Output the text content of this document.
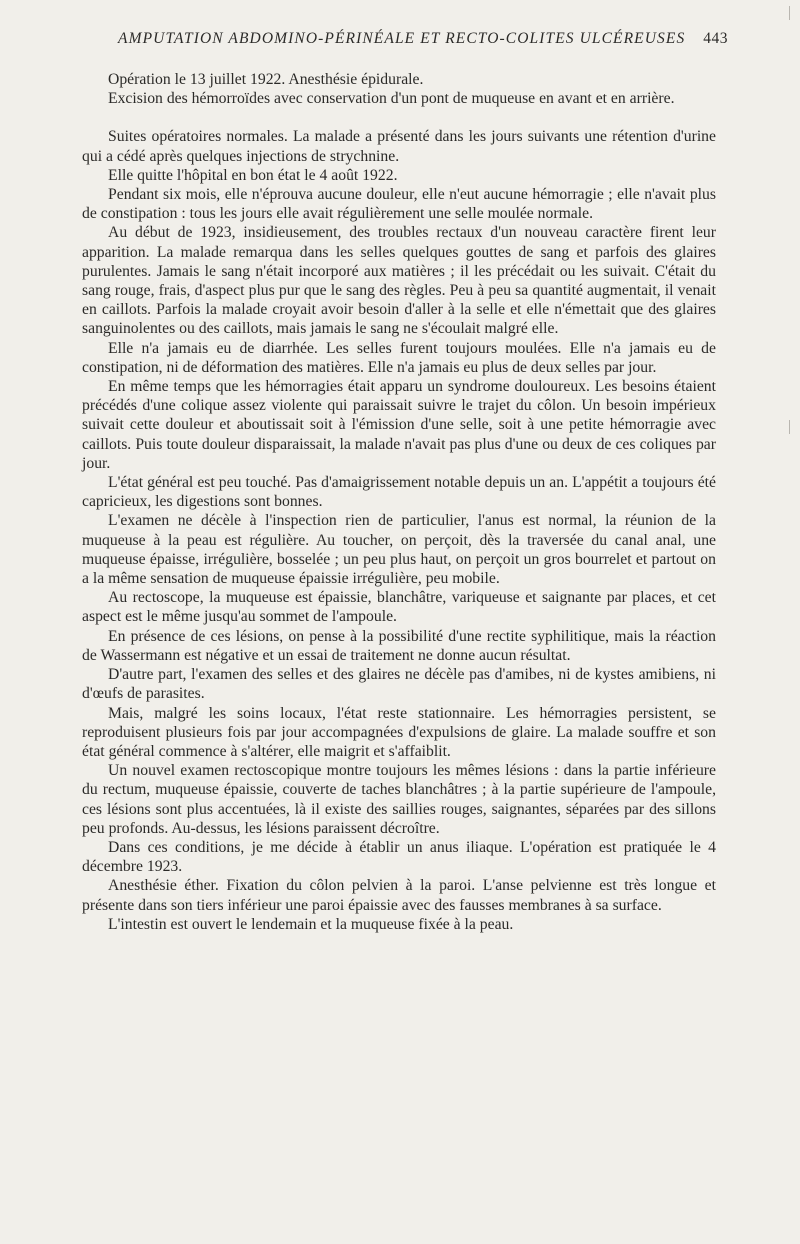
AMPUTATION ABDOMINO-PÉRINÉALE ET RECTO-COLITES ULCÉREUSES 443

Opération le 13 juillet 1922. Anesthésie épidurale.

Excision des hémorroïdes avec conservation d'un pont de muqueuse en avant et en arrière.

Suites opératoires normales. La malade a présenté dans les jours suivants une rétention d'urine qui a cédé après quelques injections de strychnine.

Elle quitte l'hôpital en bon état le 4 août 1922.

Pendant six mois, elle n'éprouva aucune douleur, elle n'eut aucune hémorragie ; elle n'avait plus de constipation : tous les jours elle avait régulièrement une selle moulée normale.

Au début de 1923, insidieusement, des troubles rectaux d'un nouveau caractère firent leur apparition. La malade remarqua dans les selles quelques gouttes de sang et parfois des glaires purulentes. Jamais le sang n'était incorporé aux matières ; il les précédait ou les suivait. C'était du sang rouge, frais, d'aspect plus pur que le sang des règles. Peu à peu sa quantité augmentait, il venait en caillots. Parfois la malade croyait avoir besoin d'aller à la selle et elle n'émettait que des glaires sanguinolentes ou des caillots, mais jamais le sang ne s'écoulait malgré elle.

Elle n'a jamais eu de diarrhée. Les selles furent toujours moulées. Elle n'a jamais eu de constipation, ni de déformation des matières. Elle n'a jamais eu plus de deux selles par jour.

En même temps que les hémorragies était apparu un syndrome douloureux. Les besoins étaient précédés d'une colique assez violente qui paraissait suivre le trajet du côlon. Un besoin impérieux suivait cette douleur et aboutissait soit à l'émission d'une selle, soit à une petite hémorragie avec caillots. Puis toute douleur disparaissait, la malade n'avait pas plus d'une ou deux de ces coliques par jour.

L'état général est peu touché. Pas d'amaigrissement notable depuis un an. L'appétit a toujours été capricieux, les digestions sont bonnes.

L'examen ne décèle à l'inspection rien de particulier, l'anus est normal, la réunion de la muqueuse à la peau est régulière. Au toucher, on perçoit, dès la traversée du canal anal, une muqueuse épaisse, irrégulière, bosselée ; un peu plus haut, on perçoit un gros bourrelet et partout on a la même sensation de muqueuse épaissie irrégulière, peu mobile.

Au rectoscope, la muqueuse est épaissie, blanchâtre, variqueuse et saignante par places, et cet aspect est le même jusqu'au sommet de l'ampoule.

En présence de ces lésions, on pense à la possibilité d'une rectite syphilitique, mais la réaction de Wassermann est négative et un essai de traitement ne donne aucun résultat.

D'autre part, l'examen des selles et des glaires ne décèle pas d'amibes, ni de kystes amibiens, ni d'œufs de parasites.

Mais, malgré les soins locaux, l'état reste stationnaire. Les hémorragies persistent, se reproduisent plusieurs fois par jour accompagnées d'expulsions de glaire. La malade souffre et son état général commence à s'altérer, elle maigrit et s'affaiblit.

Un nouvel examen rectoscopique montre toujours les mêmes lésions : dans la partie inférieure du rectum, muqueuse épaissie, couverte de taches blanchâtres ; à la partie supérieure de l'ampoule, ces lésions sont plus accentuées, là il existe des saillies rouges, saignantes, séparées par des sillons peu profonds. Au-dessus, les lésions paraissent décroître.

Dans ces conditions, je me décide à établir un anus iliaque. L'opération est pratiquée le 4 décembre 1923.

Anesthésie éther. Fixation du côlon pelvien à la paroi. L'anse pelvienne est très longue et présente dans son tiers inférieur une paroi épaissie avec des fausses membranes à sa surface.

L'intestin est ouvert le lendemain et la muqueuse fixée à la peau.
